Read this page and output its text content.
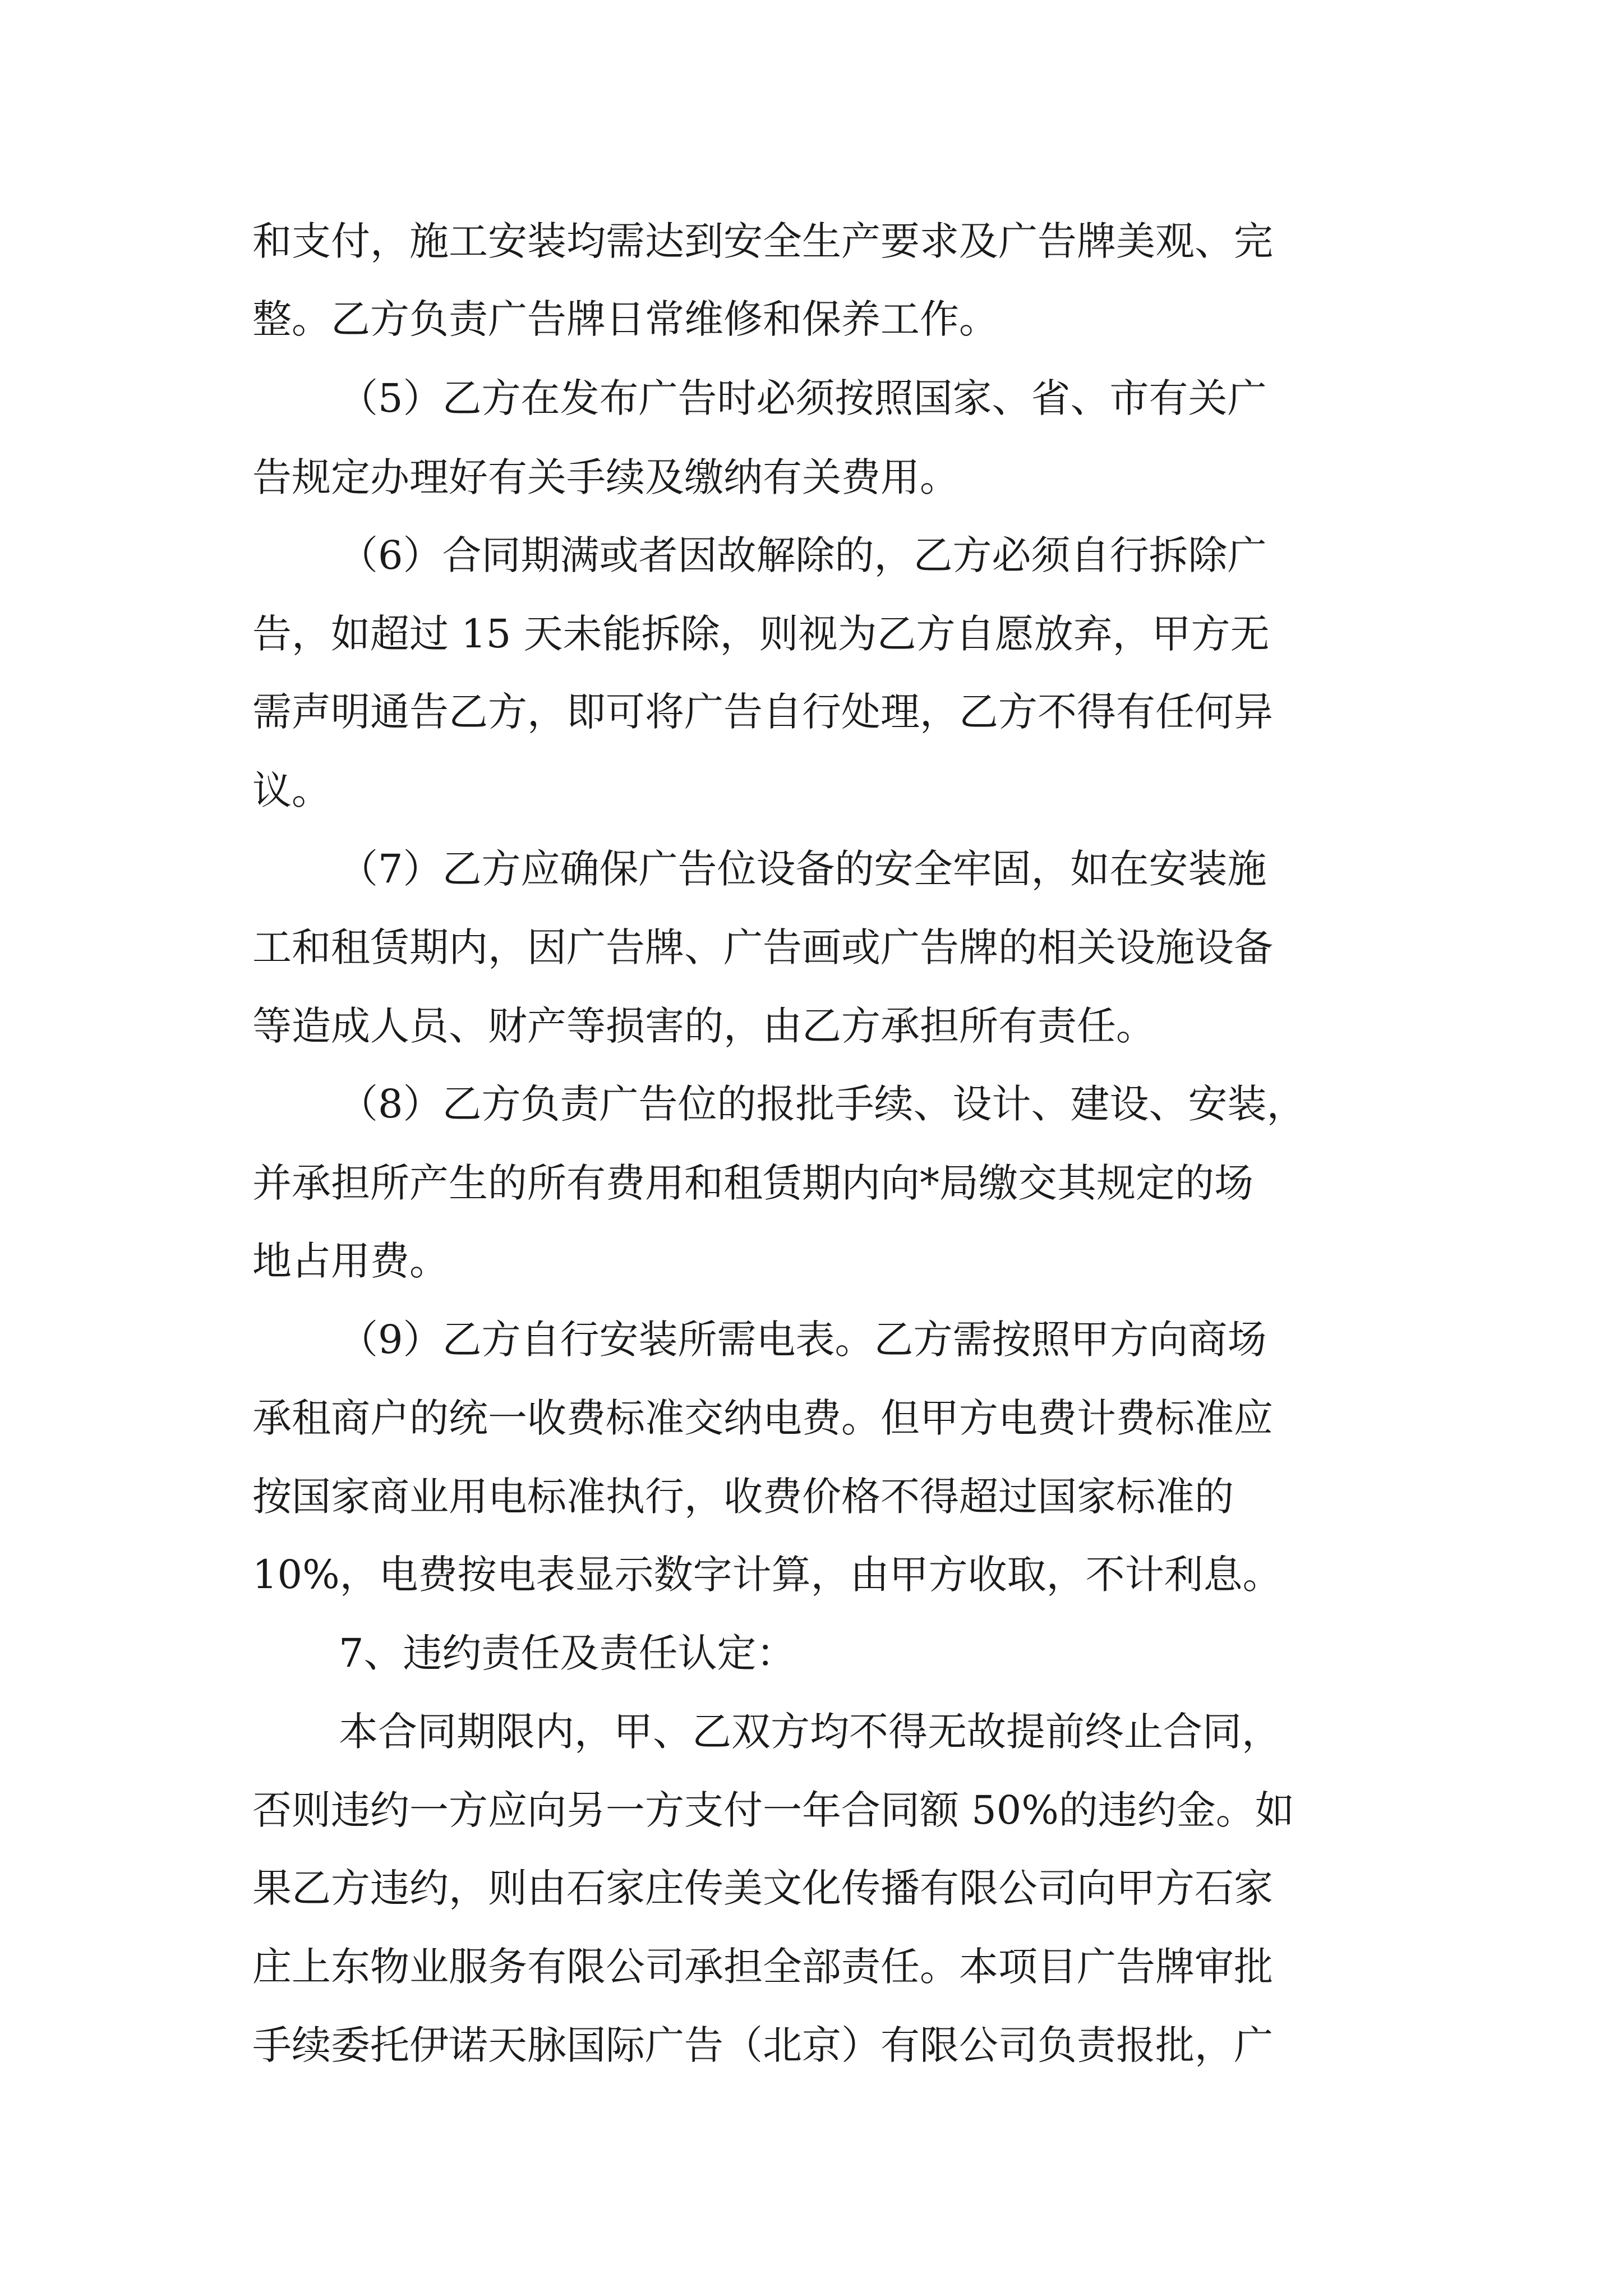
和支付，施工安装均需达到安全生产要求及广告牌美观、完

整。乙方负责广告牌日常维修和保养工作。

（5）乙方在发布广告时必须按照国家、省、市有关广

告规定办理好有关手续及缴纳有关费用。

（6）合同期满或者因故解除的，乙方必须自行拆除广

告，如超过 15 天未能拆除，则视为乙方自愿放弃，甲方无

需声明通告乙方，即可将广告自行处理，乙方不得有任何异

议。

（7）乙方应确保广告位设备的安全牢固，如在安装施

工和租赁期内，因广告牌、广告画或广告牌的相关设施设备

等造成人员、财产等损害的，由乙方承担所有责任。

（8）乙方负责广告位的报批手续、设计、建设、安装，

并承担所产生的所有费用和租赁期内向*局缴交其规定的场

地占用费。

（9）乙方自行安装所需电表。乙方需按照甲方向商场

承租商户的统一收费标准交纳电费。但甲方电费计费标准应

按国家商业用电标准执行，收费价格不得超过国家标准的

10%，电费按电表显示数字计算，由甲方收取，不计利息。

7、违约责任及责任认定：

本合同期限内，甲、乙双方均不得无故提前终止合同，

否则违约一方应向另一方支付一年合同额 50%的违约金。如

果乙方违约，则由石家庄传美文化传播有限公司向甲方石家

庄上东物业服务有限公司承担全部责任。本项目广告牌审批

手续委托伊诺天脉国际广告（北京）有限公司负责报批，广
